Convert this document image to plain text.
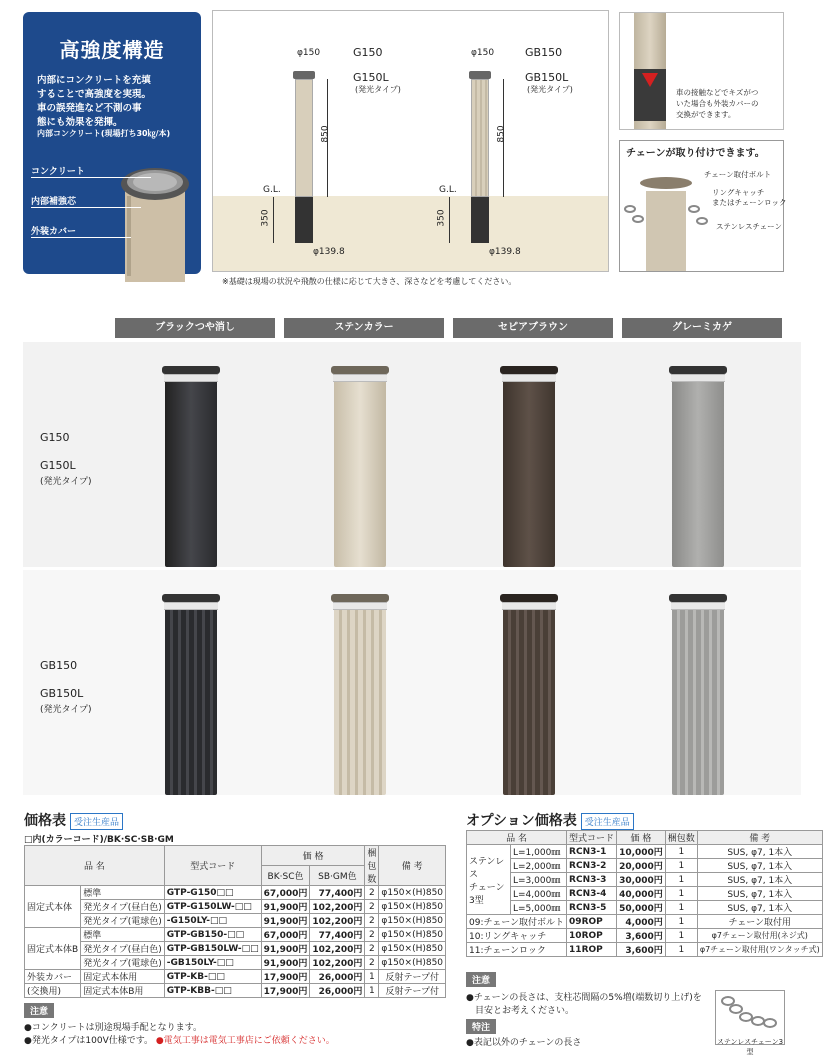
高強度構造
内部にコンクリートを充填
することで高強度を実現。
車の誤発進など不測の事
態にも効果を発揮。
内部コンクリート(現場打ち30㎏/本)
コンクリート
内部補強芯
外装カバー
φ150	G150
G150L
(発光タイプ)
850
G.L.
350
φ139.8
φ150	GB150
GB150L
(発光タイプ)
850
G.L.
350
φ139.8
※基礎は現場の状況や飛散の仕様に応じて大きさ、深さなどを考慮してください。
車の接触などでキズがつ
いた場合も外装カバーの
交換ができます。
チェーンが取り付けできます。
チェーン取付ボルト
リングキャッチ
またはチェーンロック
ステンレスチェーン
ブラックつや消し	ステンカラー	セピアブラウン	グレーミカゲ
G150
G150L
(発光タイプ)
GB150
GB150L
(発光タイプ)
価格表 受注生産品
□内(カラーコード)/BK·SC·SB·GM
品 名		型式コード	価 格		梱包数	備 考
			BK·SC色	SB·GM色		
固定式本体	標準	GTP-G150□□	67,000円	77,400円	2	φ150×(H)850
	発光タイプ(昼白色)	GTP-G150LW-□□	91,900円	102,200円	2	φ150×(H)850
	発光タイプ(電球色)	-G150LY-□□	91,900円	102,200円	2	φ150×(H)850
固定式本体B	標準	GTP-GB150-□□	67,000円	77,400円	2	φ150×(H)850
	発光タイプ(昼白色)	GTP-GB150LW-□□	91,900円	102,200円	2	φ150×(H)850
	発光タイプ(電球色)	-GB150LY-□□	91,900円	102,200円	2	φ150×(H)850
外装カバー	固定式本体用	GTP-KB-□□	17,900円	26,000円	1	反射テープ付
(交換用)	固定式本体B用	GTP-KBB-□□	17,900円	26,000円	1	反射テープ付
注意
●コンクリートは別途現場手配となります。
●発光タイプは100V仕様です。 ●電気工事は電気工事店にご依頼ください。
オプション価格表 受注生産品
品 名		型式コード	価 格	梱包数	備 考
ステンレス
チェーン3型	L=1,000㎜	RCN3-1	10,000円	1	SUS, φ7, 1本入
	L=2,000㎜	RCN3-2	20,000円	1	SUS, φ7, 1本入
	L=3,000㎜	RCN3-3	30,000円	1	SUS, φ7, 1本入
	L=4,000㎜	RCN3-4	40,000円	1	SUS, φ7, 1本入
	L=5,000㎜	RCN3-5	50,000円	1	SUS, φ7, 1本入
09:チェーン取付ボルト		09ROP	4,000円	1	チェーン取付用
10:リングキャッチ		10ROP	3,600円	1	φ7チェーン取付用(ネジ式)
11:チェーンロック		11ROP	3,600円	1	φ7チェーン取付用(ワンタッチ式)
注意
●チェーンの長さは、支柱芯間隔の5%増(端数切り上げ)を
　目安とお考えください。
特注
●表記以外のチェーンの長さ	ステンレスチェーン3型
